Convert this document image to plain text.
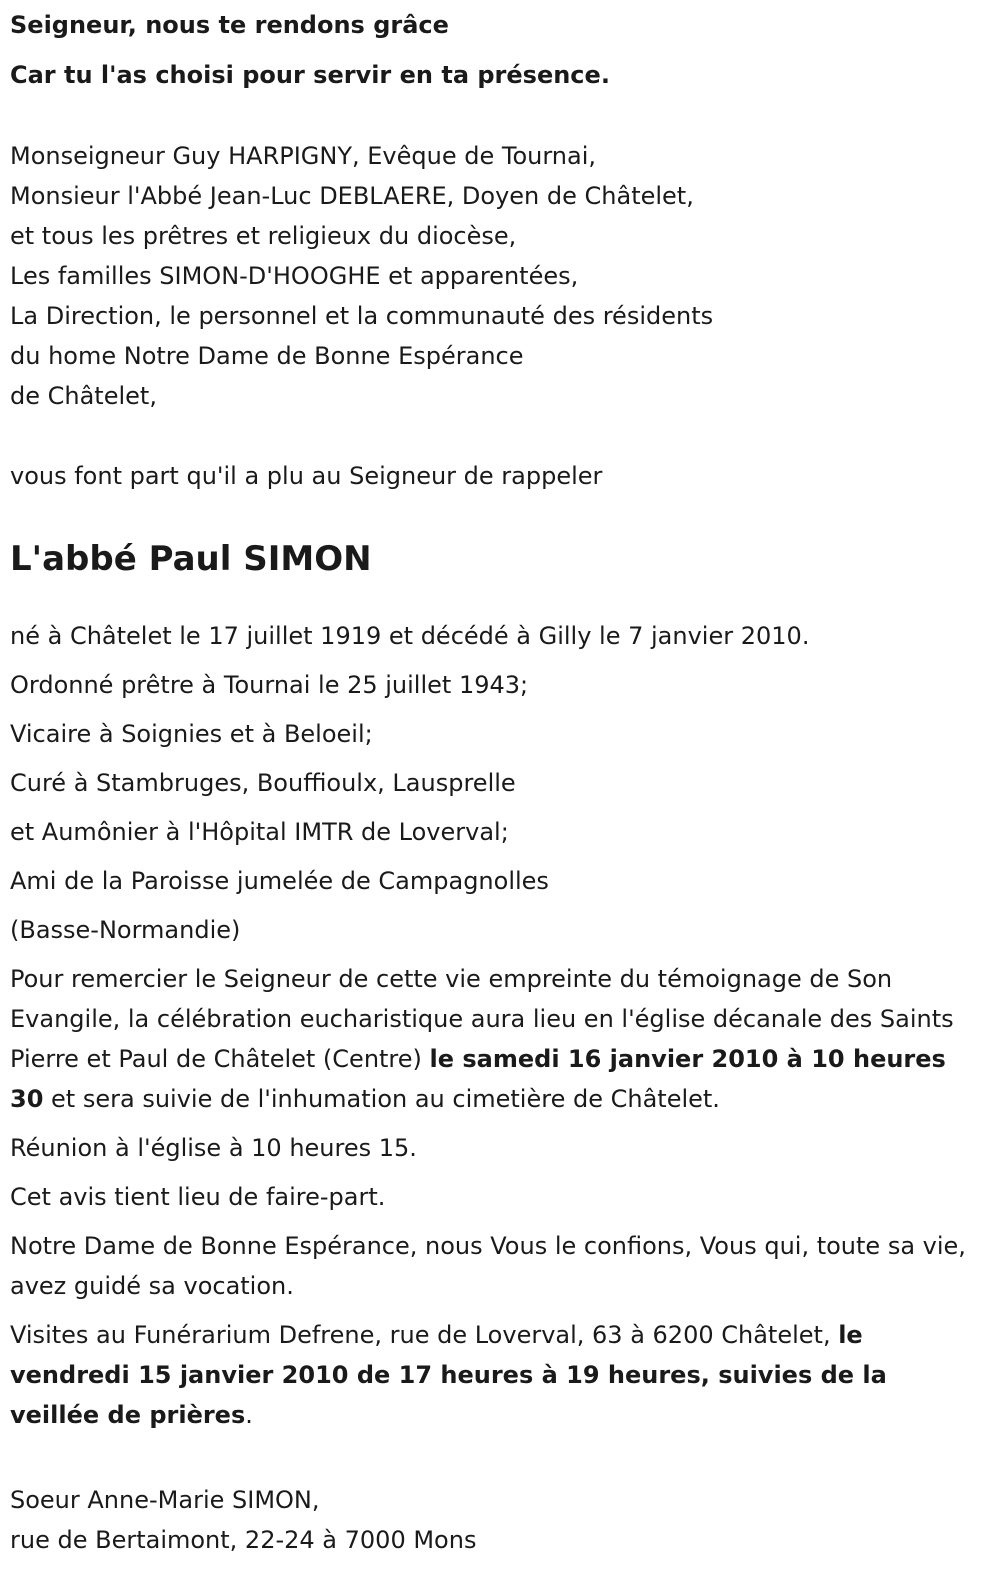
Seigneur, nous te rendons grâce

Car tu l'as choisi pour servir en ta présence.

Monseigneur Guy HARPIGNY, Evêque de Tournai,

Monsieur l'Abbé Jean-Luc DEBLAERE, Doyen de Châtelet,

et tous les prêtres et religieux du diocèse,

Les familles SIMON-D'HOOGHE et apparentées,

La Direction, le personnel et la communauté des résidents

du home Notre Dame de Bonne Espérance

de Châtelet,

vous font part qu'il a plu au Seigneur de rappeler

L'abbé Paul SIMON

né à Châtelet le 17 juillet 1919 et décédé à Gilly le 7 janvier 2010.

Ordonné prêtre à Tournai le 25 juillet 1943;

Vicaire à Soignies et à Beloeil;

Curé à Stambruges, Bouffioulx, Lausprelle

et Aumônier à l'Hôpital IMTR de Loverval;

Ami de la Paroisse jumelée de Campagnolles

(Basse-Normandie)

Pour remercier le Seigneur de cette vie empreinte du témoignage de Son Evangile, la célébration eucharistique aura lieu en l'église décanale des Saints Pierre et Paul de Châtelet (Centre) le samedi 16 janvier 2010 à 10 heures 30 et sera suivie de l'inhumation au cimetière de Châtelet.

Réunion à l'église à 10 heures 15.

Cet avis tient lieu de faire-part.

Notre Dame de Bonne Espérance, nous Vous le confions, Vous qui, toute sa vie, avez guidé sa vocation.

Visites au Funérarium Defrene, rue de Loverval, 63 à 6200 Châtelet, le vendredi 15 janvier 2010 de 17 heures à 19 heures, suivies de la veillée de prières.

Soeur Anne-Marie SIMON,

rue de Bertaimont, 22-24 à 7000 Mons
